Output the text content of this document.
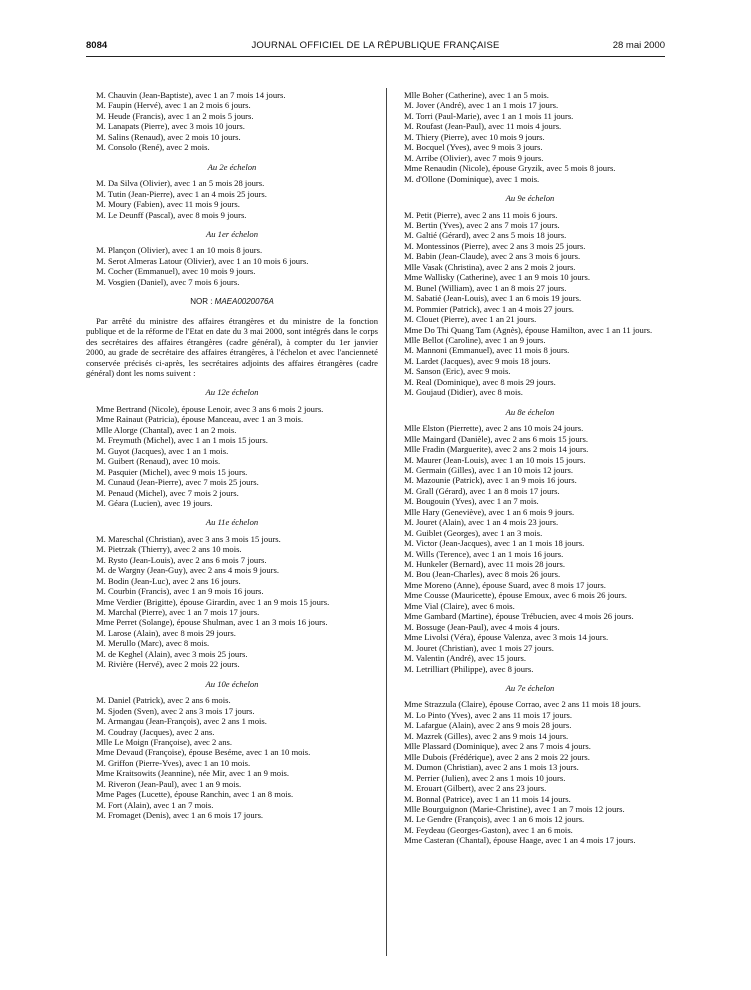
8084	JOURNAL OFFICIEL DE LA RÉPUBLIQUE FRANÇAISE	28 mai 2000
M. Chauvin (Jean-Baptiste), avec 1 an 7 mois 14 jours.
M. Faupin (Hervé), avec 1 an 2 mois 6 jours.
M. Heude (Francis), avec 1 an 2 mois 5 jours.
M. Lanapats (Pierre), avec 3 mois 10 jours.
M. Salins (Renaud), avec 2 mois 10 jours.
M. Consolo (René), avec 2 mois.
Au 2e échelon
M. Da Silva (Olivier), avec 1 an 5 mois 28 jours.
M. Tutin (Jean-Pierre), avec 1 an 4 mois 25 jours.
M. Moury (Fabien), avec 11 mois 9 jours.
M. Le Deunff (Pascal), avec 8 mois 9 jours.
Au 1er échelon
M. Plançon (Olivier), avec 1 an 10 mois 8 jours.
M. Serot Almeras Latour (Olivier), avec 1 an 10 mois 6 jours.
M. Cocher (Emmanuel), avec 10 mois 9 jours.
M. Vosgien (Daniel), avec 7 mois 6 jours.
NOR : MAEA0020076A
Par arrêté du ministre des affaires étrangères et du ministre de la fonction publique et de la réforme de l'Etat en date du 3 mai 2000, sont intégrés dans le corps des secrétaires des affaires étrangères (cadre général), à compter du 1er janvier 2000, au grade de secrétaire des affaires étrangères, à l'échelon et avec l'ancienneté conservée précisés ci-après, les secrétaires adjoints des affaires étrangères (cadre général) dont les noms suivent :
Au 12e échelon
Mme Bertrand (Nicole), épouse Lenoir, avec 3 ans 6 mois 2 jours.
Mme Rainaut (Patricia), épouse Manceau, avec 1 an 3 mois.
Mlle Alorge (Chantal), avec 1 an 2 mois.
M. Freymuth (Michel), avec 1 an 1 mois 15 jours.
M. Guyot (Jacques), avec 1 an 1 mois.
M. Guibert (Renaud), avec 10 mois.
M. Pasquier (Michel), avec 9 mois 15 jours.
M. Cunaud (Jean-Pierre), avec 7 mois 25 jours.
M. Penaud (Michel), avec 7 mois 2 jours.
M. Géara (Lucien), avec 19 jours.
Au 11e échelon
M. Mareschal (Christian), avec 3 ans 3 mois 15 jours.
M. Pietrzak (Thierry), avec 2 ans 10 mois.
M. Rysto (Jean-Louis), avec 2 ans 6 mois 7 jours.
M. de Wargny (Jean-Guy), avec 2 ans 4 mois 9 jours.
M. Bodin (Jean-Luc), avec 2 ans 16 jours.
M. Courbin (Francis), avec 1 an 9 mois 16 jours.
Mme Verdier (Brigitte), épouse Girardin, avec 1 an 9 mois 15 jours.
M. Marchal (Pierre), avec 1 an 7 mois 17 jours.
Mme Perret (Solange), épouse Shulman, avec 1 an 3 mois 16 jours.
M. Larose (Alain), avec 8 mois 29 jours.
M. Merullo (Marc), avec 8 mois.
M. de Keghel (Alain), avec 3 mois 25 jours.
M. Rivière (Hervé), avec 2 mois 22 jours.
Au 10e échelon
M. Daniel (Patrick), avec 2 ans 6 mois.
M. Sjoden (Sven), avec 2 ans 3 mois 17 jours.
M. Armangau (Jean-François), avec 2 ans 1 mois.
M. Coudray (Jacques), avec 2 ans.
Mlle Le Moign (Françoise), avec 2 ans.
Mme Devaud (Françoise), épouse Beséme, avec 1 an 10 mois.
M. Griffon (Pierre-Yves), avec 1 an 10 mois.
Mme Kraitsowits (Jeannine), née Mir, avec 1 an 9 mois.
M. Riveron (Jean-Paul), avec 1 an 9 mois.
Mme Pages (Lucette), épouse Ranchin, avec 1 an 8 mois.
M. Fort (Alain), avec 1 an 7 mois.
M. Fromaget (Denis), avec 1 an 6 mois 17 jours.
Mlle Boher (Catherine), avec 1 an 5 mois.
M. Jover (André), avec 1 an 1 mois 17 jours.
M. Torri (Paul-Marie), avec 1 an 1 mois 11 jours.
M. Roufast (Jean-Paul), avec 11 mois 4 jours.
M. Thiery (Pierre), avec 10 mois 9 jours.
M. Bocquel (Yves), avec 9 mois 3 jours.
M. Arribe (Olivier), avec 7 mois 9 jours.
Mme Renaudin (Nicole), épouse Gryzik, avec 5 mois 8 jours.
M. d'Ollone (Dominique), avec 1 mois.
Au 9e échelon
M. Petit (Pierre), avec 2 ans 11 mois 6 jours.
M. Bertin (Yves), avec 2 ans 7 mois 17 jours.
M. Galtié (Gérard), avec 2 ans 5 mois 18 jours.
M. Montessinos (Pierre), avec 2 ans 3 mois 25 jours.
M. Babin (Jean-Claude), avec 2 ans 3 mois 6 jours.
Mlle Vasak (Christina), avec 2 ans 2 mois 2 jours.
Mme Wallisky (Catherine), avec 1 an 9 mois 10 jours.
M. Bunel (William), avec 1 an 8 mois 27 jours.
M. Sabatié (Jean-Louis), avec 1 an 6 mois 19 jours.
M. Pommier (Patrick), avec 1 an 4 mois 27 jours.
M. Clouet (Pierre), avec 1 an 21 jours.
Mme Do Thi Quang Tam (Agnès), épouse Hamilton, avec 1 an 11 jours.
Mlle Bellot (Caroline), avec 1 an 9 jours.
M. Mannoni (Emmanuel), avec 11 mois 8 jours.
M. Lardet (Jacques), avec 9 mois 18 jours.
M. Sanson (Eric), avec 9 mois.
M. Real (Dominique), avec 8 mois 29 jours.
M. Goujaud (Didier), avec 8 mois.
Au 8e échelon
Mlle Elston (Pierrette), avec 2 ans 10 mois 24 jours.
Mlle Maingard (Danièle), avec 2 ans 6 mois 15 jours.
Mlle Fradin (Marguerite), avec 2 ans 2 mois 14 jours.
M. Maurer (Jean-Louis), avec 1 an 10 mois 15 jours.
M. Germain (Gilles), avec 1 an 10 mois 12 jours.
M. Mazounie (Patrick), avec 1 an 9 mois 16 jours.
M. Grall (Gérard), avec 1 an 8 mois 17 jours.
M. Bougouin (Yves), avec 1 an 7 mois.
Mlle Hary (Geneviève), avec 1 an 6 mois 9 jours.
M. Jouret (Alain), avec 1 an 4 mois 23 jours.
M. Guiblet (Georges), avec 1 an 3 mois.
M. Victor (Jean-Jacques), avec 1 an 1 mois 18 jours.
M. Wills (Terence), avec 1 an 1 mois 16 jours.
M. Hunkeler (Bernard), avec 11 mois 28 jours.
M. Bou (Jean-Charles), avec 8 mois 26 jours.
Mme Moreno (Anne), épouse Suard, avec 8 mois 17 jours.
Mme Cousse (Mauricette), épouse Emoux, avec 6 mois 26 jours.
Mme Vial (Claire), avec 6 mois.
Mme Gambard (Martine), épouse Trébucien, avec 4 mois 26 jours.
M. Bossuge (Jean-Paul), avec 4 mois 4 jours.
Mme Livolsi (Véra), épouse Valenza, avec 3 mois 14 jours.
M. Jouret (Christian), avec 1 mois 27 jours.
M. Valentin (André), avec 15 jours.
M. Letrilliart (Philippe), avec 8 jours.
Au 7e échelon
Mme Strazzula (Claire), épouse Corrao, avec 2 ans 11 mois 18 jours.
M. Lo Pinto (Yves), avec 2 ans 11 mois 17 jours.
M. Lafargue (Alain), avec 2 ans 9 mois 28 jours.
M. Mazrek (Gilles), avec 2 ans 9 mois 14 jours.
Mlle Plassard (Dominique), avec 2 ans 7 mois 4 jours.
Mlle Dubois (Frédérique), avec 2 ans 2 mois 22 jours.
M. Dumon (Christian), avec 2 ans 1 mois 13 jours.
M. Perrier (Julien), avec 2 ans 1 mois 10 jours.
M. Erouart (Gilbert), avec 2 ans 23 jours.
M. Bonnal (Patrice), avec 1 an 11 mois 14 jours.
Mlle Bourguignon (Marie-Christine), avec 1 an 7 mois 12 jours.
M. Le Gendre (François), avec 1 an 6 mois 12 jours.
M. Feydeau (Georges-Gaston), avec 1 an 6 mois.
Mme Casteran (Chantal), épouse Haage, avec 1 an 4 mois 17 jours.
